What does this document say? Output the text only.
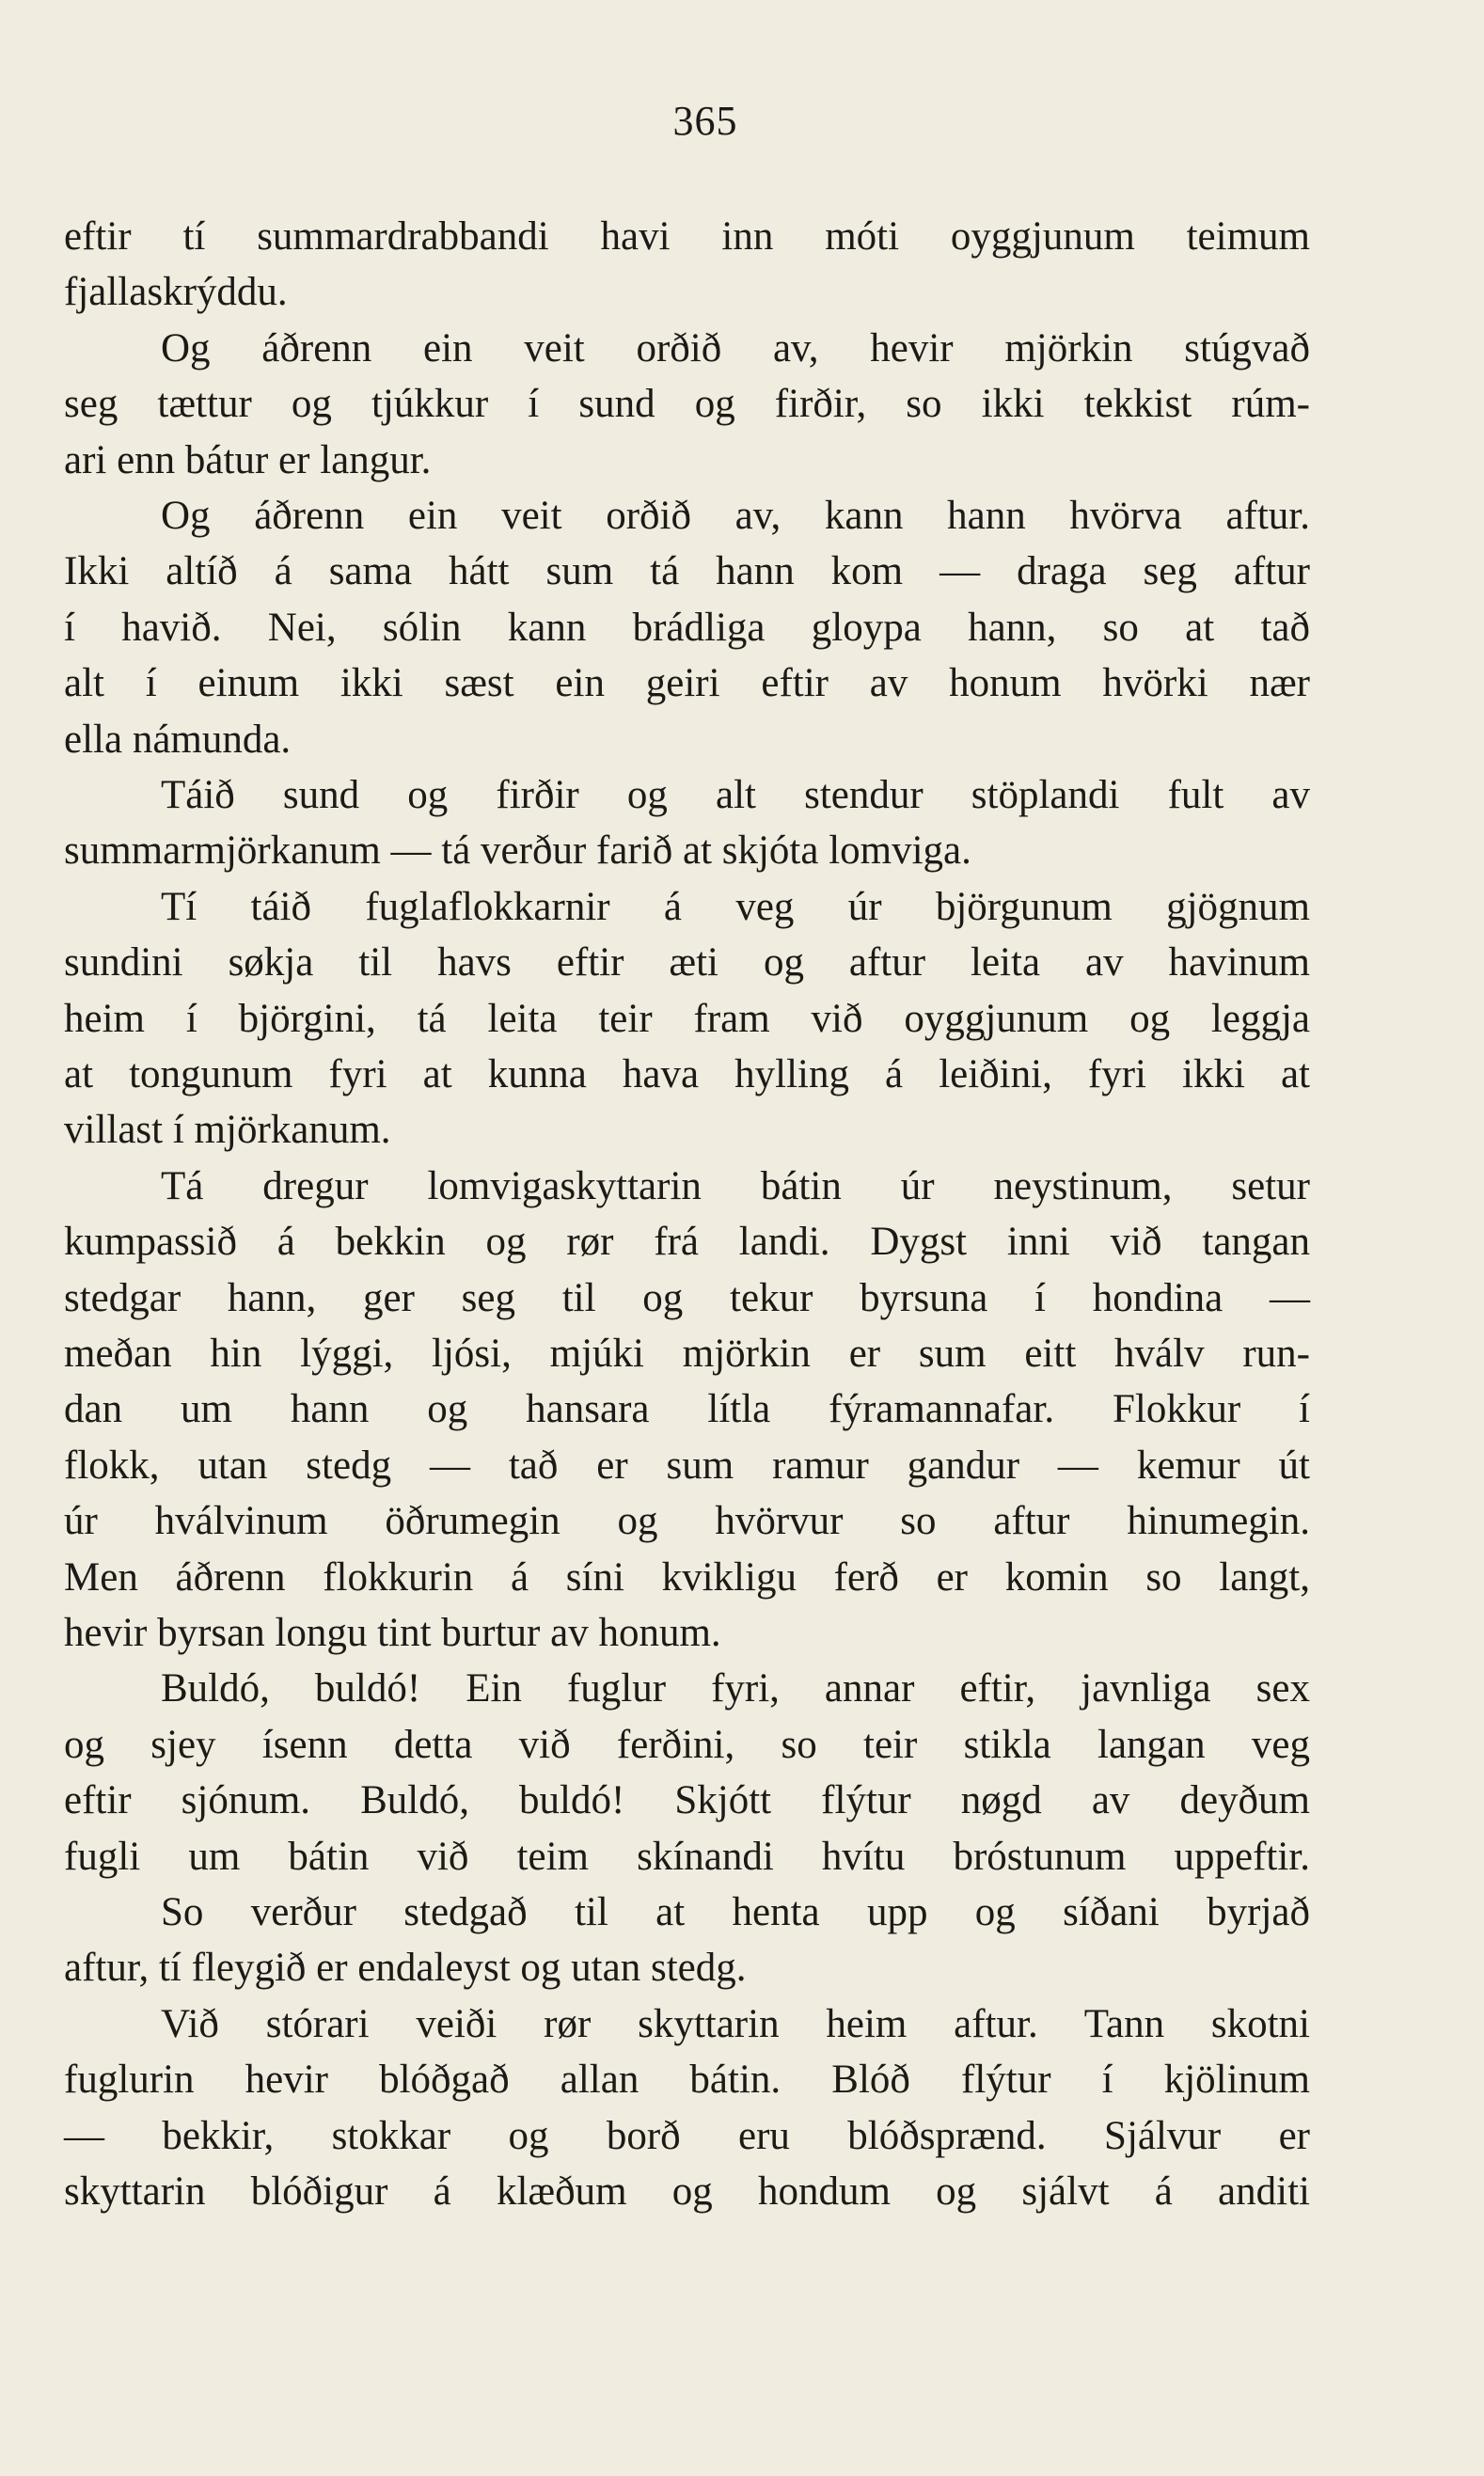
365
eftir tí summardrabbandi havi inn móti oyggjunum teimum
fjallaskrýddu.
Og áðrenn ein veit orðið av, hevir mjörkin stúgvað
seg tættur og tjúkkur í sund og firðir, so ikki tekkist rúm-
ari enn bátur er langur.
Og áðrenn ein veit orðið av, kann hann hvörva aftur.
Ikki altíð á sama hátt sum tá hann kom — draga seg aftur
í havið. Nei, sólin kann brádliga gloypa hann, so at tað
alt í einum ikki sæst ein geiri eftir av honum hvörki nær
ella námunda.
Táið sund og firðir og alt stendur stöplandi fult av
summarmjörkanum — tá verður farið at skjóta lomviga.
Tí táið fuglaflokkarnir á veg úr björgunum gjögnum
sundini søkja til havs eftir æti og aftur leita av havinum
heim í björgini, tá leita teir fram við oyggjunum og leggja
at tongunum fyri at kunna hava hylling á leiðini, fyri ikki at
villast í mjörkanum.
Tá dregur lomvigaskyttarin bátin úr neystinum, setur
kumpassið á bekkin og rør frá landi. Dygst inni við tangan
stedgar hann, ger seg til og tekur byrsuna í hondina —
meðan hin lýggi, ljósi, mjúki mjörkin er sum eitt hválv run-
dan um hann og hansara lítla fýramannafar. Flokkur í
flokk, utan stedg — tað er sum ramur gandur — kemur út
úr hválvinum öðrumegin og hvörvur so aftur hinumegin.
Men áðrenn flokkurin á síni kvikligu ferð er komin so langt,
hevir byrsan longu tint burtur av honum.
Buldó, buldó! Ein fuglur fyri, annar eftir, javnliga sex
og sjey ísenn detta við ferðini, so teir stikla langan veg
eftir sjónum. Buldó, buldó! Skjótt flýtur nøgd av deyðum
fugli um bátin við teim skínandi hvítu bróstunum uppeftir.
So verður stedgað til at henta upp og síðani byrjað
aftur, tí fleygið er endaleyst og utan stedg.
Við stórari veiði rør skyttarin heim aftur. Tann skotni
fuglurin hevir blóðgað allan bátin. Blóð flýtur í kjölinum
— bekkir, stokkar og borð eru blóðsprænd. Sjálvur er
skyttarin blóðigur á klæðum og hondum og sjálvt á anditi
